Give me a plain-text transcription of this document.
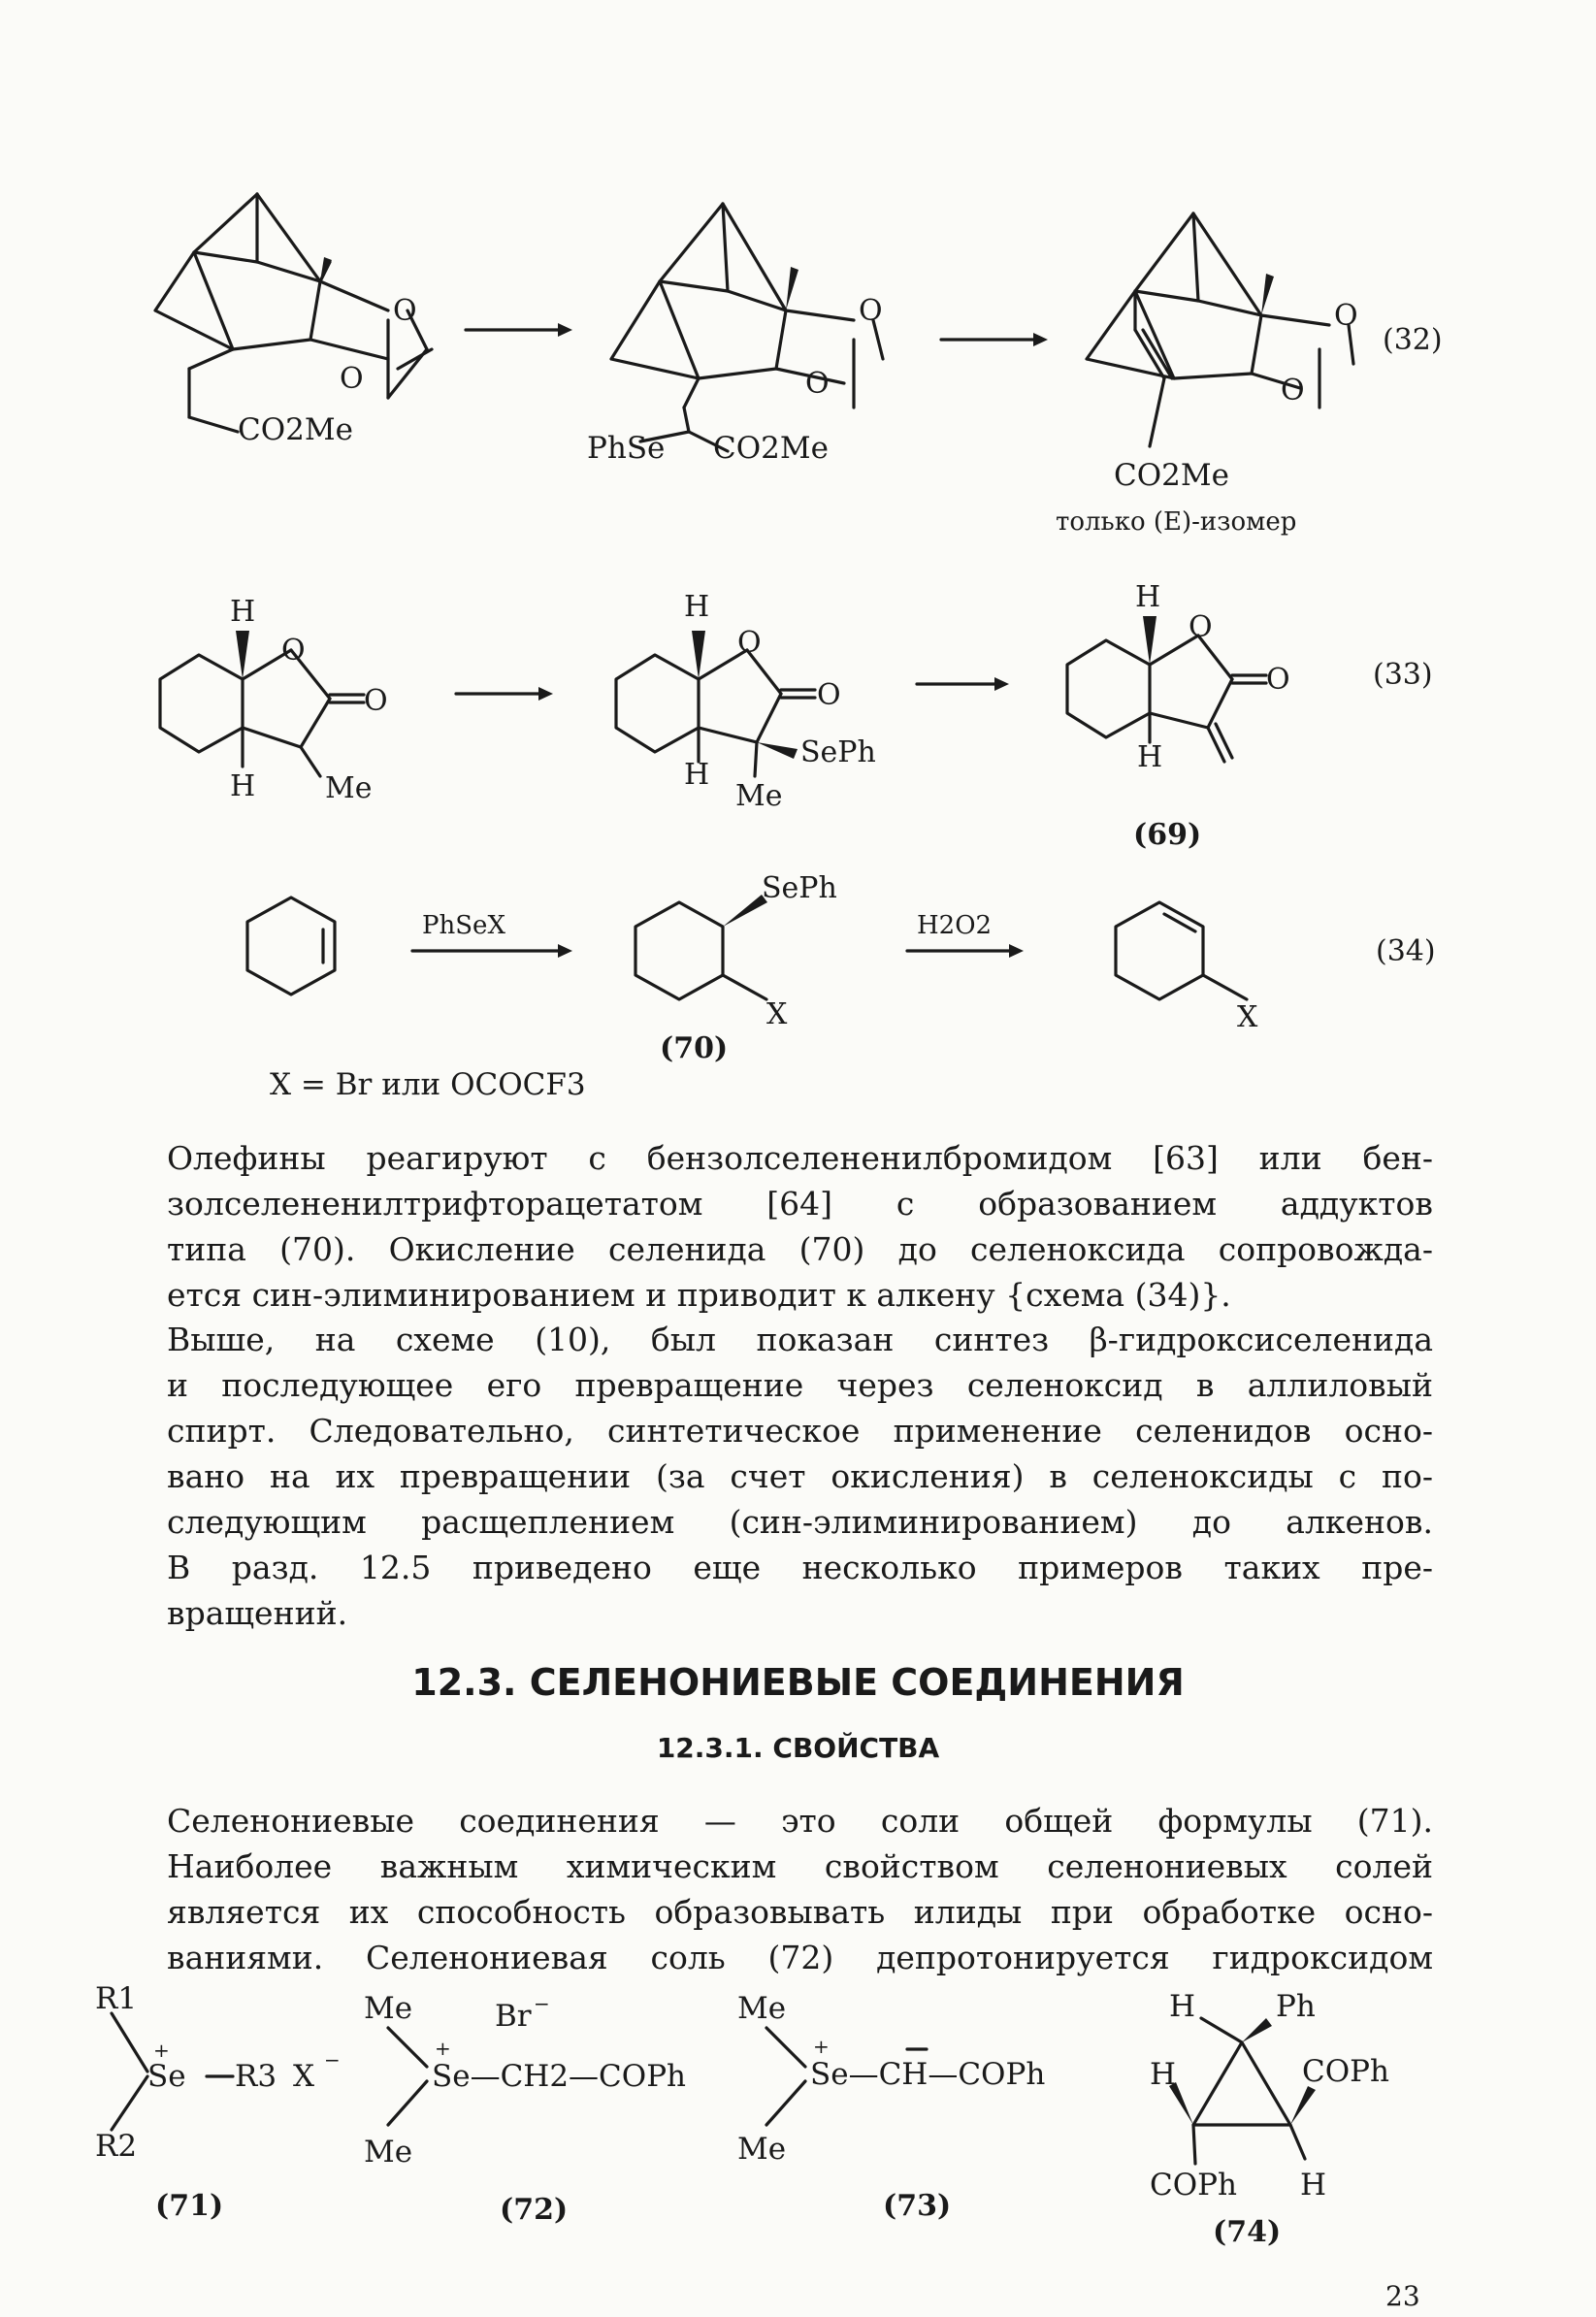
O
O
CO2Me
O
O
PhSe CO2Me
O
O
CO2Me
только (E)-изомер
(32)
H
O
O
H Me
H
O
O
SePh
H
Me
H
O
O
H
(69)
(33)
PhSeX
SePh
X
(70)
H2O2
X
(34)
X = Br или OCOCF3
Олефины реагируют с бензолселененилбромидом [63] или бен-
золселененилтрифторацетатом [64] с образованием аддуктов
типа (70). Окисление селенида (70) до селеноксида сопровожда-
ется син-элиминированием и приводит к алкену {схема (34)}.
Выше, на схеме (10), был показан синтез β-гидроксиселенида
и последующее его превращение через селеноксид в аллиловый
спирт. Следовательно, синтетическое применение селенидов осно-
вано на их превращении (за счет окисления) в селеноксиды с по-
следующим расщеплением (син-элиминированием) до алкенов.
В разд. 12.5 приведено еще несколько примеров таких пре-
вращений.
12.3. СЕЛЕНОНИЕВЫЕ СОЕДИНЕНИЯ
12.3.1. СВОЙСТВА
Селенониевые соединения — это соли общей формулы (71).
Наиболее важным химическим свойством селенониевых солей
является их способность образовывать илиды при обработке осно-
ваниями. Селенониевая соль (72) депротонируется гидроксидом
R1
R2
Se
+
R3 X −
(71)
Me
Me
Br −
Se—CH2—COPh
+
(72)
Me
Me
Se—CH—COPh
+
(73)
H	Ph
H	COPh
COPh H
(74)
23
